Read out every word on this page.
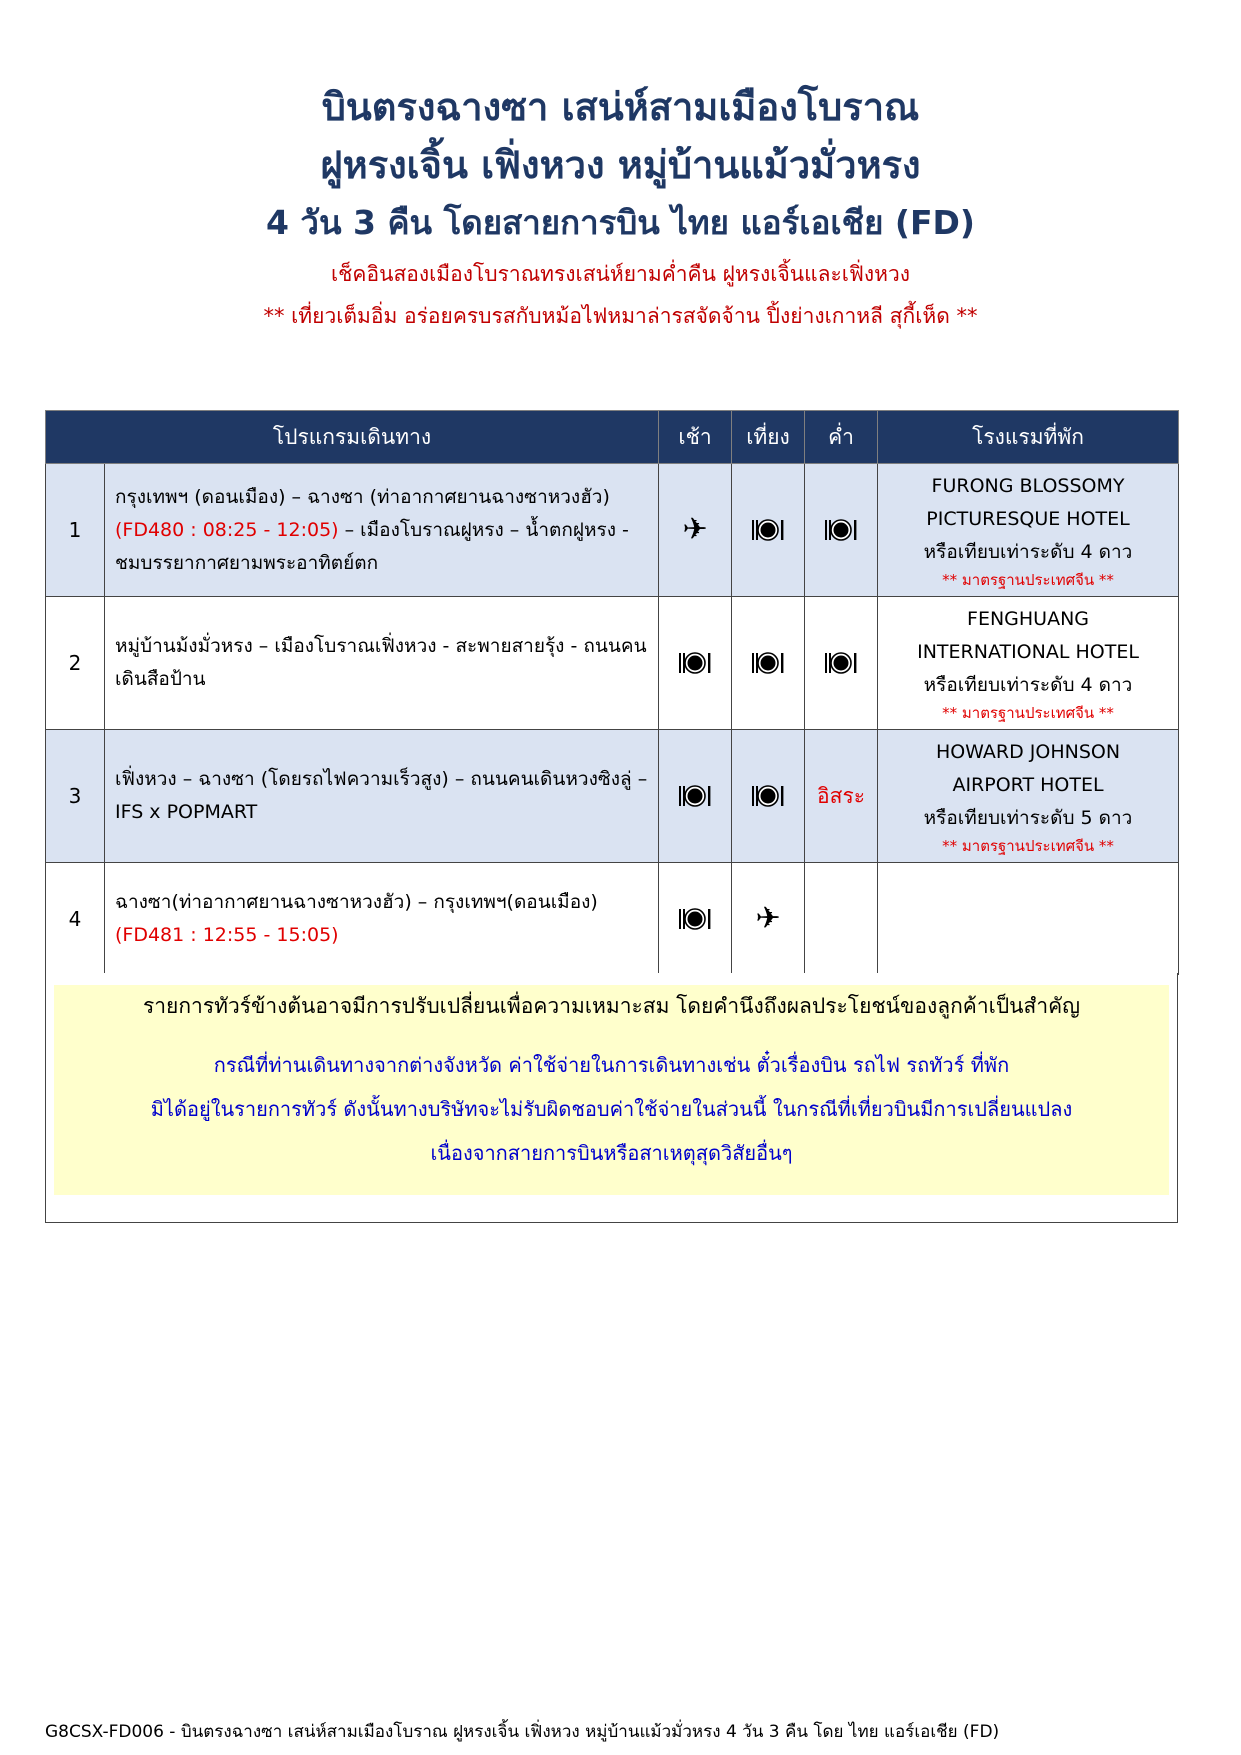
บินตรงฉางซา เสน่ห์สามเมืองโบราณ
ฝูหรงเจิ้น เฟิ่งหวง หมู่บ้านแม้วมั่วหรง
4 วัน 3 คืน โดยสายการบิน ไทย แอร์เอเชีย (FD)
เช็คอินสองเมืองโบราณทรงเสน่ห์ยามค่ำคืน ฝูหรงเจิ้นและเฟิ่งหวง
** เที่ยวเต็มอิ่ม อร่อยครบรสกับหม้อไฟหมาล่ารสจัดจ้าน ปิ้งย่างเกาหลี สุกี้เห็ด **
โปรแกรมเดินทาง		เช้า	เที่ยง	ค่ำ	โรงแรมที่พัก
1	กรุงเทพฯ (ดอนเมือง) – ฉางซา (ท่าอากาศยานฉางซาหวงฮัว) (FD480 : 08:25 - 12:05) – เมืองโบราณฝูหรง – น้ำตกฝูหรง - ชมบรรยากาศยามพระอาทิตย์ตก	✈			FURONG BLOSSOMY
PICTURESQUE HOTEL
หรือเทียบเท่าระดับ 4 ดาว
** มาตรฐานประเทศจีน **

2	หมู่บ้านม้งมั่วหรง – เมืองโบราณเฟิ่งหวง - สะพายสายรุ้ง - ถนนคนเดินสือป้าน				FENGHUANG
INTERNATIONAL HOTEL
หรือเทียบเท่าระดับ 4 ดาว
** มาตรฐานประเทศจีน **

3	เฟิ่งหวง – ฉางซา (โดยรถไฟความเร็วสูง) – ถนนคนเดินหวงซิงลู่ – IFS x POPMART			อิสระ	HOWARD JOHNSON
AIRPORT HOTEL
หรือเทียบเท่าระดับ 5 ดาว
** มาตรฐานประเทศจีน **

4	ฉางซา(ท่าอากาศยานฉางซาหวงฮัว) – กรุงเทพฯ(ดอนเมือง) (FD481 : 12:55 - 15:05)		✈		
รายการทัวร์ข้างต้นอาจมีการปรับเปลี่ยนเพื่อความเหมาะสม โดยคำนึงถึงผลประโยชน์ของลูกค้าเป็นสำคัญ
กรณีที่ท่านเดินทางจากต่างจังหวัด ค่าใช้จ่ายในการเดินทางเช่น ตั๋วเรื่องบิน รถไฟ รถทัวร์ ที่พัก
มิได้อยู่ในรายการทัวร์ ดังนั้นทางบริษัทจะไม่รับผิดชอบค่าใช้จ่ายในส่วนนี้ ในกรณีที่เที่ยวบินมีการเปลี่ยนแปลง
เนื่องจากสายการบินหรือสาเหตุสุดวิสัยอื่นๆ
G8CSX-FD006 - บินตรงฉางซา เสน่ห์สามเมืองโบราณ ฝูหรงเจิ้น เฟิ่งหวง หมู่บ้านแม้วมั่วหรง 4 วัน 3 คืน โดย ไทย แอร์เอเชีย (FD)
